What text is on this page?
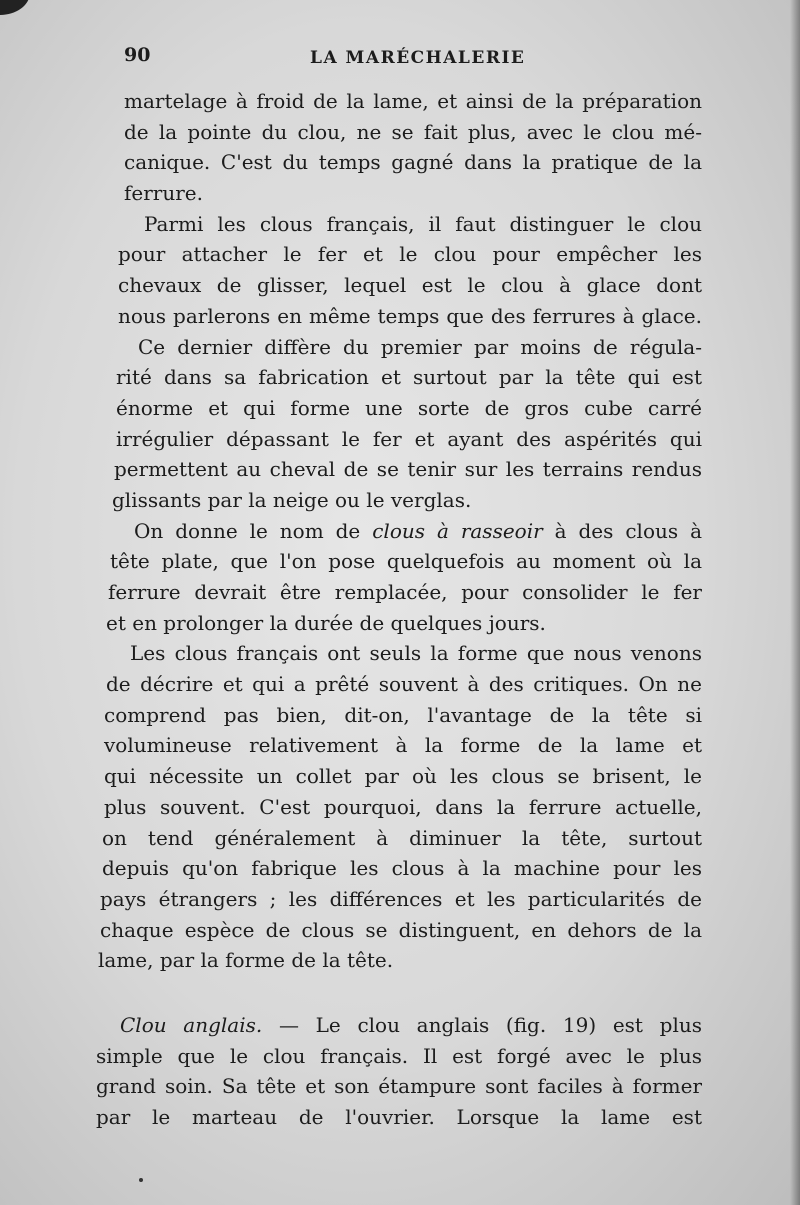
90	LA MARÉCHALERIE
martelage à froid de la lame, et ainsi de la préparation
de la pointe du clou, ne se fait plus, avec le clou mé-
canique. C'est du temps gagné dans la pratique de la
ferrure.
Parmi les clous français, il faut distinguer le clou
pour attacher le fer et le clou pour empêcher les
chevaux de glisser, lequel est le clou à glace dont
nous parlerons en même temps que des ferrures à glace.
Ce dernier diffère du premier par moins de régula-
rité dans sa fabrication et surtout par la tête qui est
énorme et qui forme une sorte de gros cube carré
irrégulier dépassant le fer et ayant des aspérités qui
permettent au cheval de se tenir sur les terrains rendus
glissants par la neige ou le verglas.
On donne le nom de clous à rasseoir à des clous à
tête plate, que l'on pose quelquefois au moment où la
ferrure devrait être remplacée, pour consolider le fer
et en prolonger la durée de quelques jours.
Les clous français ont seuls la forme que nous venons
de décrire et qui a prêté souvent à des critiques. On ne
comprend pas bien, dit-on, l'avantage de la tête si
volumineuse relativement à la forme de la lame et
qui nécessite un collet par où les clous se brisent, le
plus souvent. C'est pourquoi, dans la ferrure actuelle,
on tend généralement à diminuer la tête, surtout
depuis qu'on fabrique les clous à la machine pour les
pays étrangers ; les différences et les particularités de
chaque espèce de clous se distinguent, en dehors de la
lame, par la forme de la tête.
Clou anglais. — Le clou anglais (fig. 19) est plus
simple que le clou français. Il est forgé avec le plus
grand soin. Sa tête et son étampure sont faciles à former
par le marteau de l'ouvrier. Lorsque la lame est
